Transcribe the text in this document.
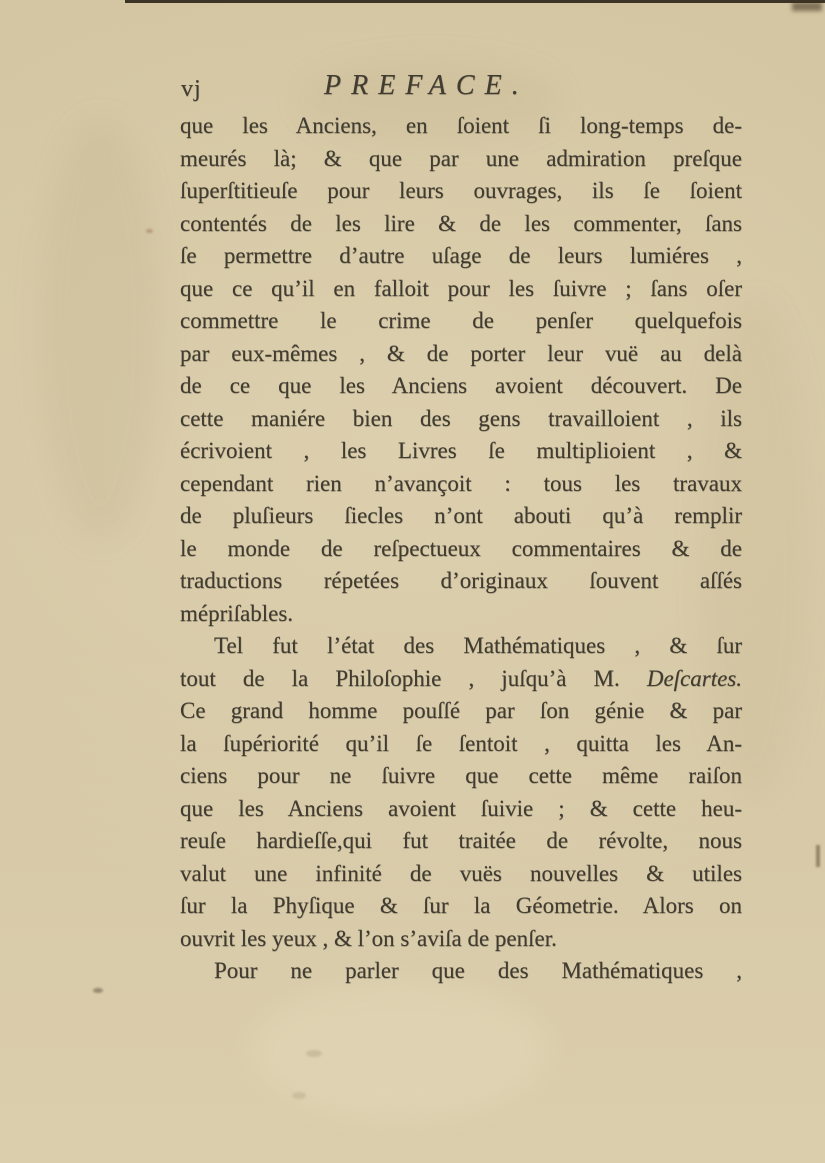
vj	PREFACE.
que les Anciens, en ſoient ſi long-temps de-
meurés là; & que par une admiration preſque
ſuperſtitieuſe pour leurs ouvrages, ils ſe ſoient
contentés de les lire & de les commenter, ſans
ſe permettre d’autre uſage de leurs lumiéres ,
que ce qu’il en falloit pour les ſuivre ; ſans oſer
commettre le crime de penſer quelquefois
par eux-mêmes , & de porter leur vuë au delà
de ce que les Anciens avoient découvert. De
cette maniére bien des gens travailloient , ils
écrivoient , les Livres ſe multiplioient , &
cependant rien n’avançoit : tous les travaux
de pluſieurs ſiecles n’ont abouti qu’à remplir
le monde de reſpectueux commentaires & de
traductions répetées d’originaux ſouvent aſſés
mépriſables.
Tel fut l’état des Mathématiques , & ſur
tout de la Philoſophie , juſqu’à M. Deſcartes.
Ce grand homme pouſſé par ſon génie & par
la ſupériorité qu’il ſe ſentoit , quitta les An-
ciens pour ne ſuivre que cette même raiſon
que les Anciens avoient ſuivie ; & cette heu-
reuſe hardieſſe,qui fut traitée de révolte, nous
valut une infinité de vuës nouvelles & utiles
ſur la Phyſique & ſur la Géometrie. Alors on
ouvrit les yeux , & l’on s’aviſa de penſer.
Pour ne parler que des Mathématiques ,
